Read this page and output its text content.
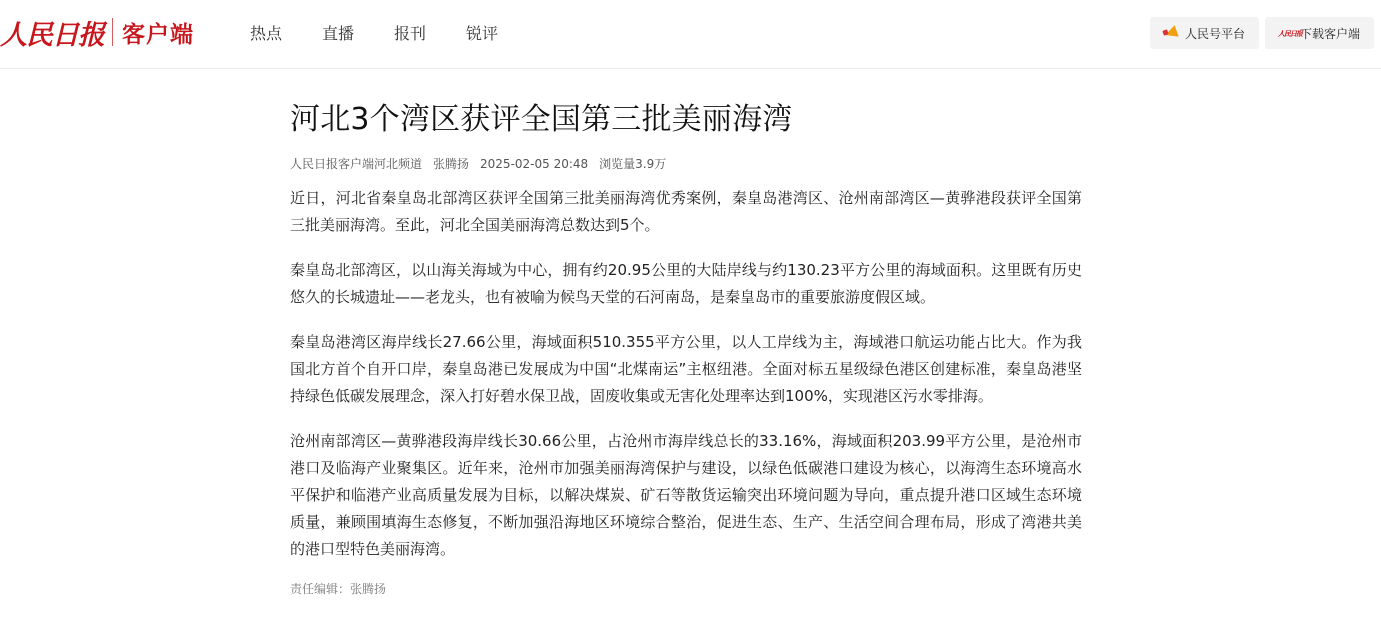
人民日报 客户端	热点	直播	报刊	锐评	人民号平台	人民日报
下载客户端
河北3个湾区获评全国第三批美丽海湾
人民日报客户端河北频道 张腾扬 2025-02-05 20:48 浏览量3.9万

近日，河北省秦皇岛北部湾区获评全国第三批美丽海湾优秀案例，秦皇岛港湾区、沧州南部湾区—黄骅港段获评全国第三批美丽海湾。至此，河北全国美丽海湾总数达到5个。

秦皇岛北部湾区，以山海关海域为中心，拥有约20.95公里的大陆岸线与约130.23平方公里的海域面积。这里既有历史悠久的长城遗址——老龙头，也有被喻为候鸟天堂的石河南岛，是秦皇岛市的重要旅游度假区域。

秦皇岛港湾区海岸线长27.66公里，海域面积510.355平方公里，以人工岸线为主，海域港口航运功能占比大。作为我国北方首个自开口岸，秦皇岛港已发展成为中国“北煤南运”主枢纽港。全面对标五星级绿色港区创建标准，秦皇岛港坚持绿色低碳发展理念，深入打好碧水保卫战，固废收集或无害化处理率达到100%，实现港区污水零排海。

沧州南部湾区—黄骅港段海岸线长30.66公里，占沧州市海岸线总长的33.16%，海域面积203.99平方公里，是沧州市港口及临海产业聚集区。近年来，沧州市加强美丽海湾保护与建设，以绿色低碳港口建设为核心，以海湾生态环境高水平保护和临港产业高质量发展为目标，以解决煤炭、矿石等散货运输突出环境问题为导向，重点提升港口区域生态环境质量，兼顾围填海生态修复，不断加强沿海地区环境综合整治，促进生态、生产、生活空间合理布局，形成了湾港共美的港口型特色美丽海湾。

责任编辑：张腾扬
